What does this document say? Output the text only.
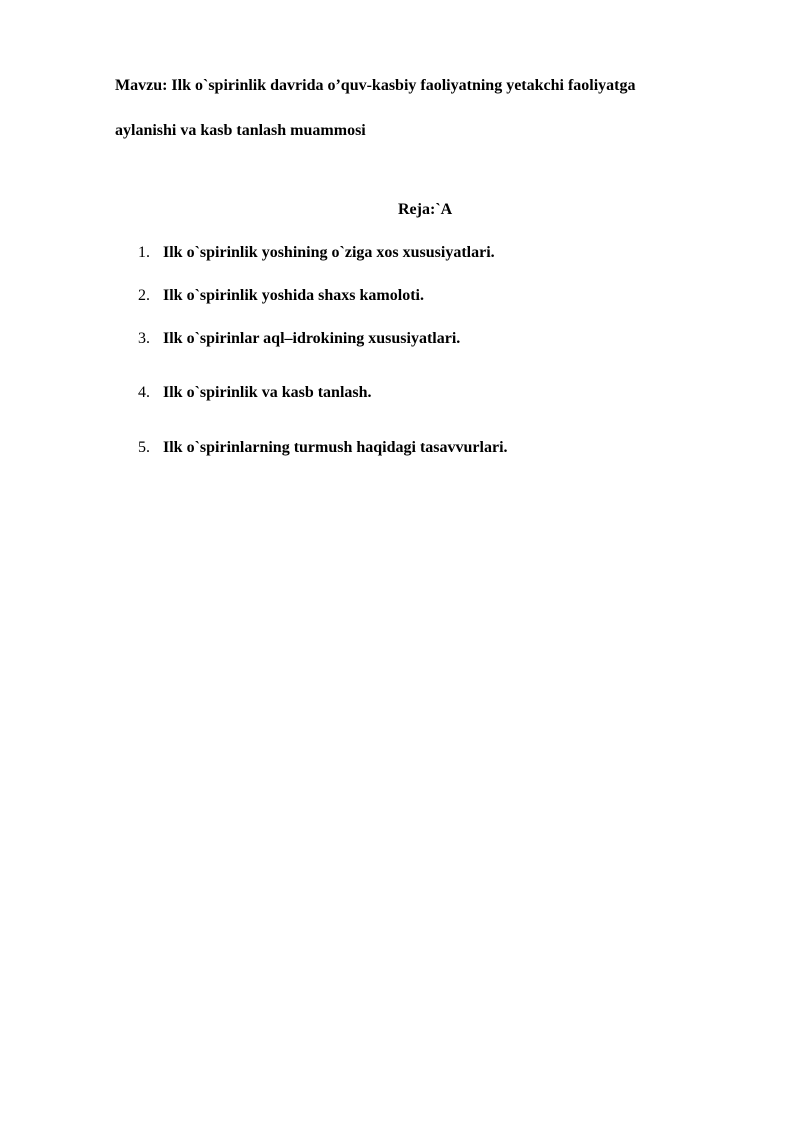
Mavzu: Ilk o`spirinlik davrida o’quv-kasbiy faoliyatning yetakchi faoliyatga
aylanishi va kasb tanlash muammosi
Reja:`A
1. Ilk o`spirinlik yoshining o`ziga xos xususiyatlari.
2. Ilk o`spirinlik yoshida shaxs kamoloti.
3. Ilk o`spirinlar aql–idrokining xususiyatlari.
4. Ilk o`spirinlik va kasb tanlash.
5. Ilk o`spirinlarning turmush haqidagi tasavvurlari.
